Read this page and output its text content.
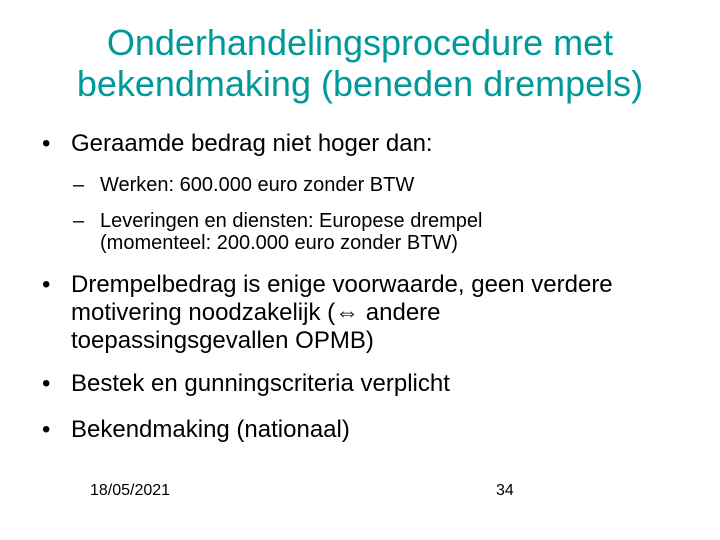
Onderhandelingsprocedure met
bekendmaking (beneden drempels)
• Geraamde bedrag niet hoger dan:
– Werken: 600.000 euro zonder BTW
– Leveringen en diensten: Europese drempel (momenteel: 200.000 euro zonder BTW)
• Drempelbedrag is enige voorwaarde, geen verdere motivering noodzakelijk (⇔ andere toepassingsgevallen OPMB)
• Bestek en gunningscriteria verplicht
• Bekendmaking (nationaal)
18/05/2021	34
